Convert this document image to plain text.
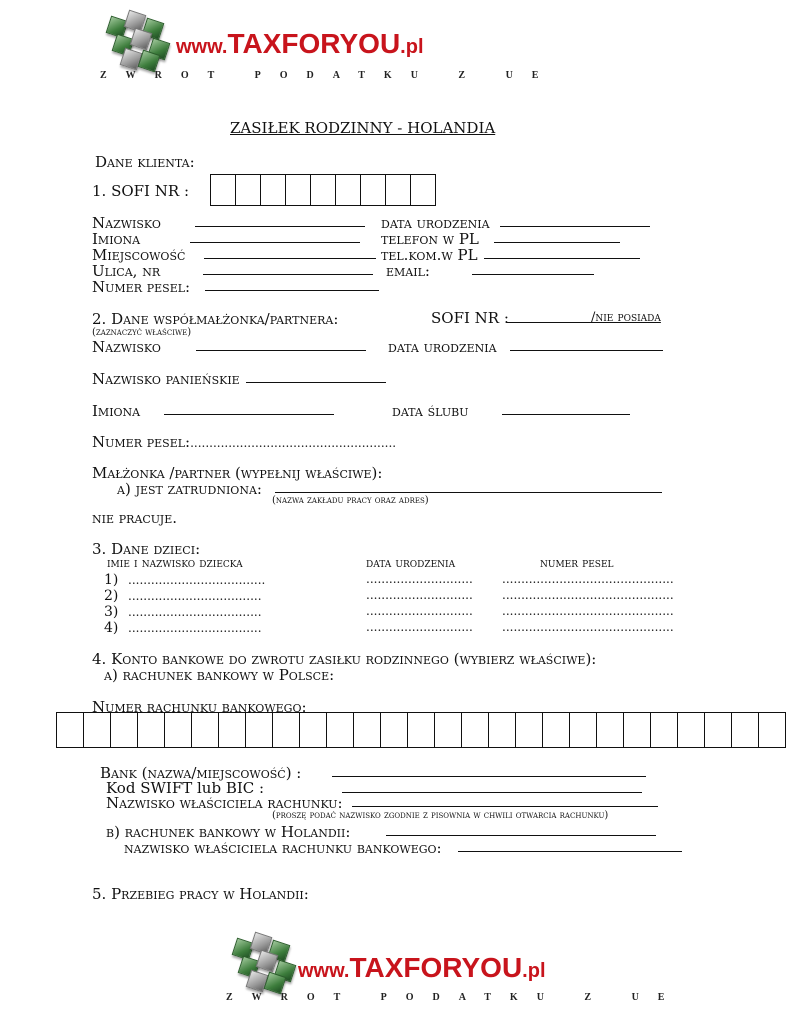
www.TAXFORYOU.pl
ZWROT PODATKU Z UE
ZASIŁEK RODZINNY - HOLANDIA
Dane klienta:
1. SOFI NR :
Nazwisko	data urodzenia
Imiona	telefon w PL
Miejscowość	tel.kom.w PL
Ulica, nr	email:
Numer pesel:
2. Dane współmałżonka/partnera:	SOFI NR :	/nie posiada
(zaznaczyć właściwe)
Nazwisko	data urodzenia
Nazwisko panieńskie
Imiona	data ślubu
Numer pesel:......................................................
Małżonka /partner (wypełnij właściwe):
a) jest zatrudniona:
(nazwa zakładu pracy oraz adres)
nie pracuje.
3. Dane dzieci:
imie i nazwisko dziecka	data urodzenia	numer pesel
1) ....................................	............................ .............................................
2) ...................................	............................ .............................................
3) ...................................	............................ .............................................
4) ...................................	............................ .............................................
4. Konto bankowe do zwrotu zasiłku rodzinnego (wybierz właściwe):
a) rachunek bankowy w Polsce:
Numer rachunku bankowego:
Bank (nazwa/miejscowość) :
Kod SWIFT lub BIC :
Nazwisko właściciela rachunku:
(proszę podać nazwisko zgodnie z pisownia w chwili otwarcia rachunku)
b) rachunek bankowy w Holandii:
nazwisko właściciela rachunku bankowego:
5. Przebieg pracy w Holandii:
www.TAXFORYOU.pl
ZWROT PODATKU Z UE
